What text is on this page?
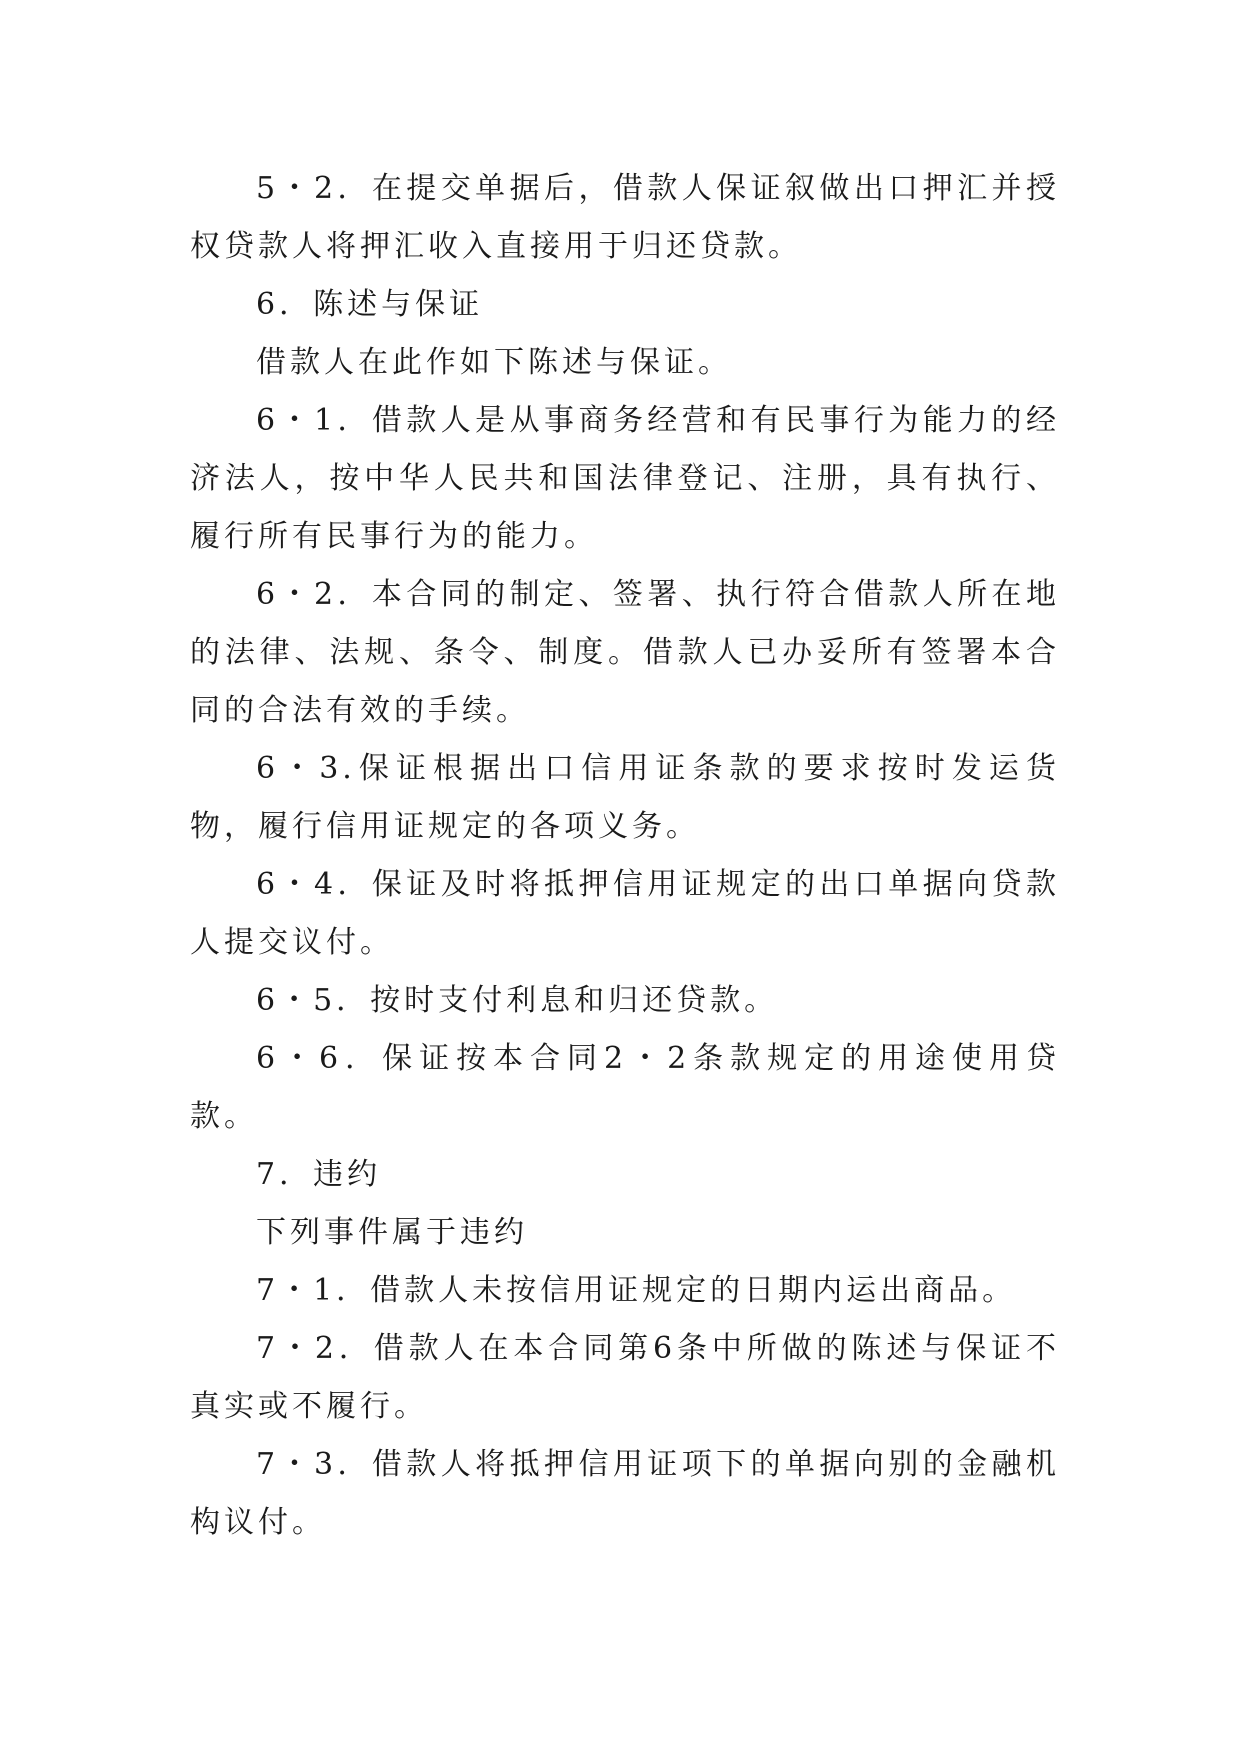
5・2．在提交单据后，借款人保证叙做出口押汇并授权贷款人将押汇收入直接用于归还贷款。

6．陈述与保证

借款人在此作如下陈述与保证。

6・1．借款人是从事商务经营和有民事行为能力的经济法人，按中华人民共和国法律登记、注册，具有执行、履行所有民事行为的能力。

6・2．本合同的制定、签署、执行符合借款人所在地的法律、法规、条令、制度。借款人已办妥所有签署本合同的合法有效的手续。

6・3.保证根据出口信用证条款的要求按时发运货物，履行信用证规定的各项义务。

6・4．保证及时将抵押信用证规定的出口单据向贷款人提交议付。

6・5．按时支付利息和归还贷款。

6・6．保证按本合同2・2条款规定的用途使用贷款。

7．违约

下列事件属于违约

7・1．借款人未按信用证规定的日期内运出商品。

7・2．借款人在本合同第6条中所做的陈述与保证不真实或不履行。

7・3．借款人将抵押信用证项下的单据向别的金融机构议付。
